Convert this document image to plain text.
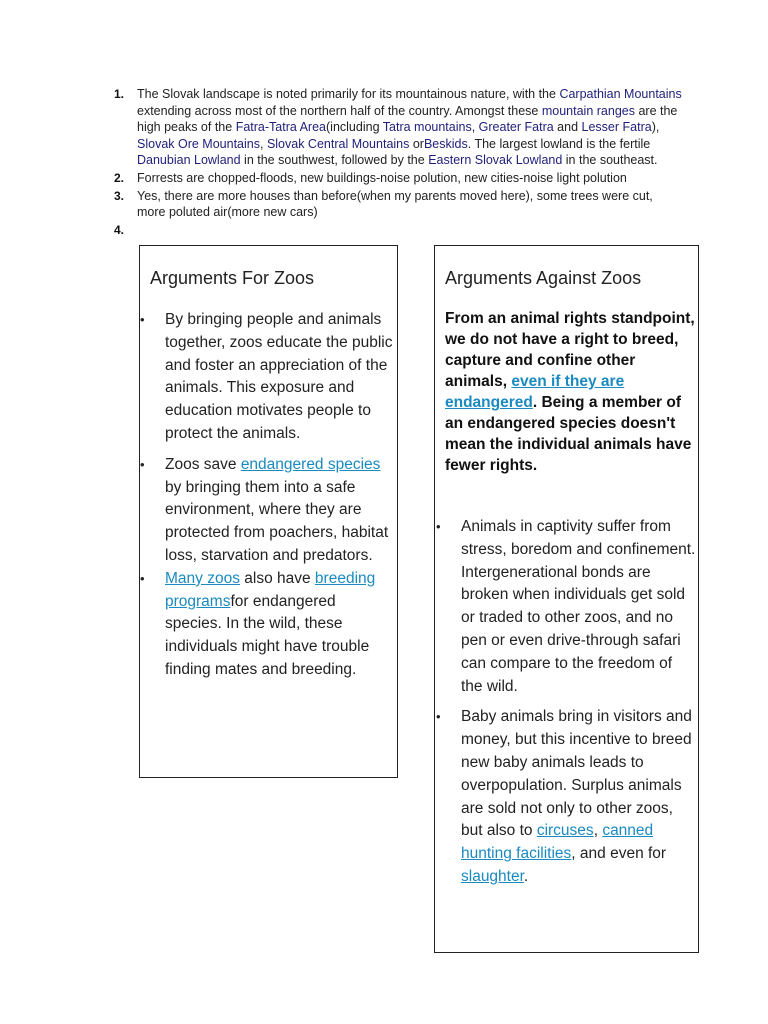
1.	The Slovak landscape is noted primarily for its mountainous nature, with the Carpathian Mountains extending across most of the northern half of the country. Amongst these mountain ranges are the high peaks of the Fatra-Tatra Area(including Tatra mountains, Greater Fatra and Lesser Fatra), Slovak Ore Mountains, Slovak Central Mountains orBeskids. The largest lowland is the fertile Danubian Lowland in the southwest, followed by the Eastern Slovak Lowland in the southeast.
2.	Forrests are chopped-floods, new buildings-noise polution, new cities-noise light polution
3.	Yes, there are more houses than before(when my parents moved here), some trees were cut, more poluted air(more new cars)
4.

Arguments For Zoos
• By bringing people and animals together, zoos educate the public and foster an appreciation of the animals. This exposure and education motivates people to protect the animals.
• Zoos save endangered species by bringing them into a safe environment, where they are protected from poachers, habitat loss, starvation and predators.
• Many zoos also have breeding programsfor endangered species. In the wild, these individuals might have trouble finding mates and breeding.
Arguments Against Zoos
From an animal rights standpoint, we do not have a right to breed, capture and confine other animals, even if they are endangered. Being a member of an endangered species doesn't mean the individual animals have fewer rights.
• Animals in captivity suffer from stress, boredom and confinement. Intergenerational bonds are broken when individuals get sold or traded to other zoos, and no pen or even drive-through safari can compare to the freedom of the wild.
• Baby animals bring in visitors and money, but this incentive to breed new baby animals leads to overpopulation. Surplus animals are sold not only to other zoos, but also to circuses, canned hunting facilities, and even for slaughter.
